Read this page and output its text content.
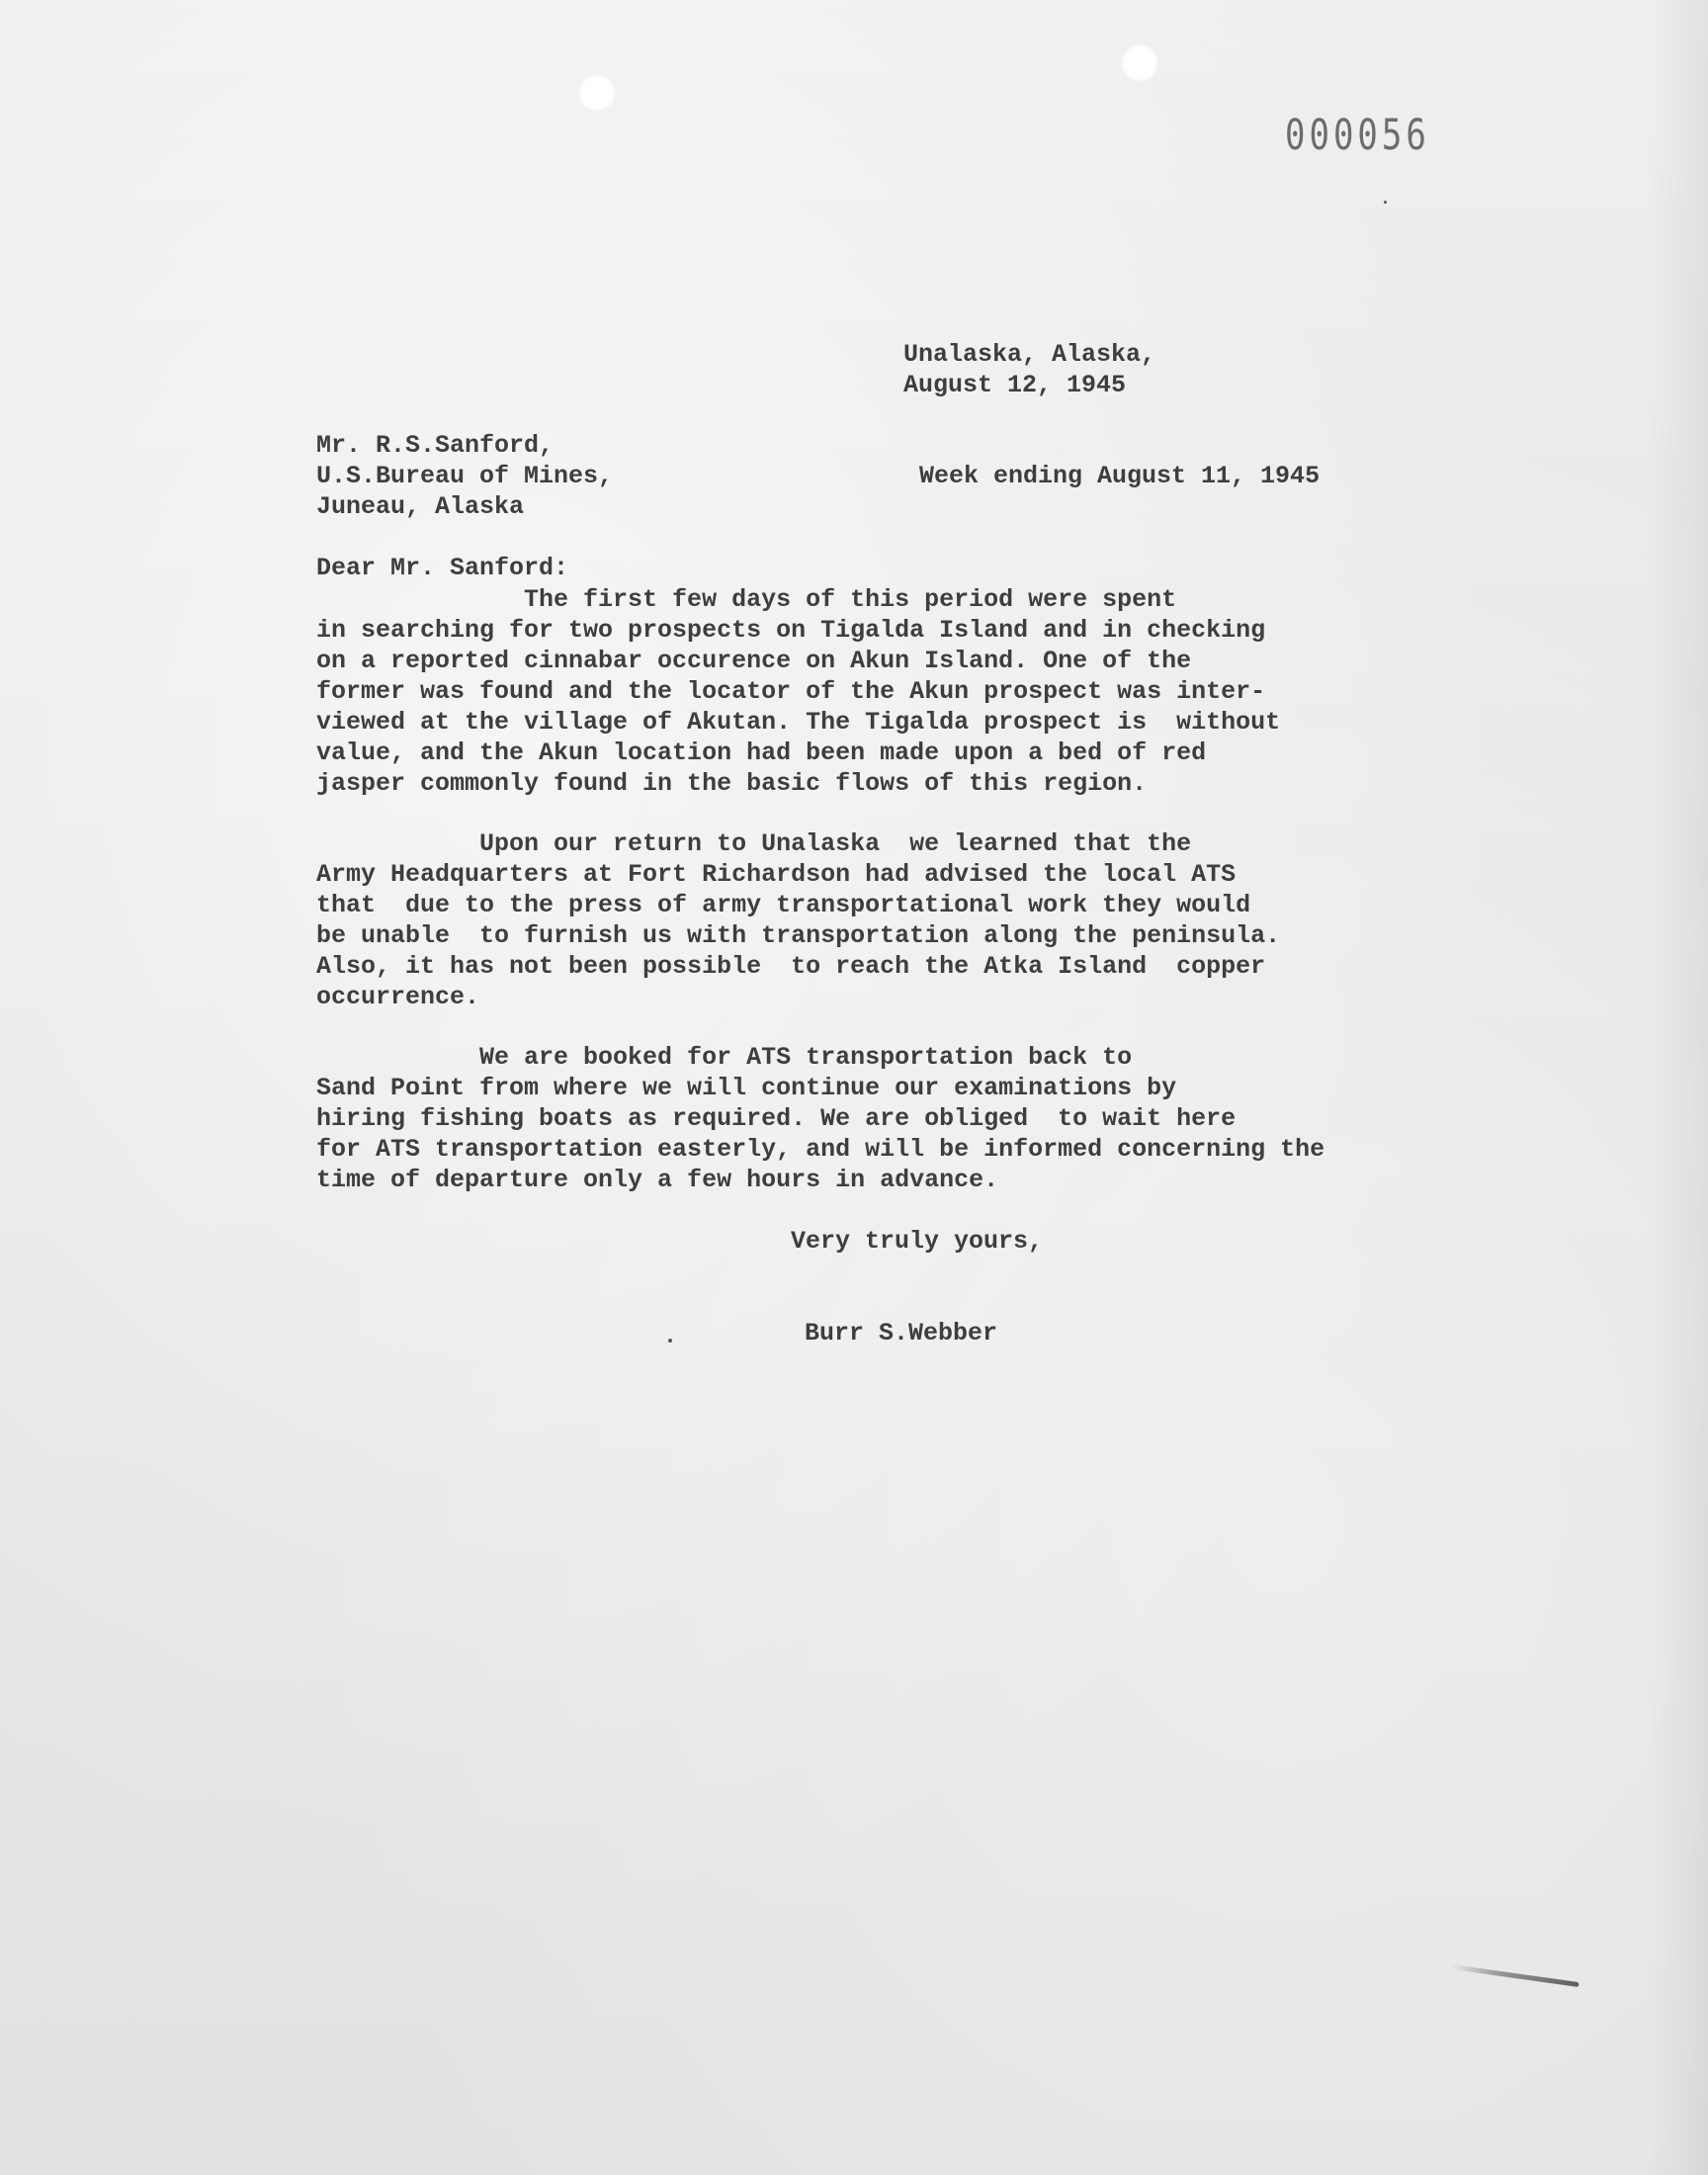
000056
Unalaska, Alaska,
August 12, 1945
Mr. R.S.Sanford,
U.S.Bureau of Mines,
Juneau, Alaska
Week ending August 11, 1945
Dear Mr. Sanford:
The first few days of this period were spent
in searching for two prospects on Tigalda Island and in checking
on a reported cinnabar occurence on Akun Island. One of the
former was found and the locator of the Akun prospect was inter-
viewed at the village of Akutan. The Tigalda prospect is  without
value, and the Akun location had been made upon a bed of red
jasper commonly found in the basic flows of this region.
Upon our return to Unalaska  we learned that the
Army Headquarters at Fort Richardson had advised the local ATS
that  due to the press of army transportational work they would
be unable  to furnish us with transportation along the peninsula.
Also, it has not been possible  to reach the Atka Island  copper
occurrence.
We are booked for ATS transportation back to
Sand Point from where we will continue our examinations by
hiring fishing boats as required. We are obliged  to wait here
for ATS transportation easterly, and will be informed concerning the
time of departure only a few hours in advance.
Very truly yours,
Burr S.Webber
